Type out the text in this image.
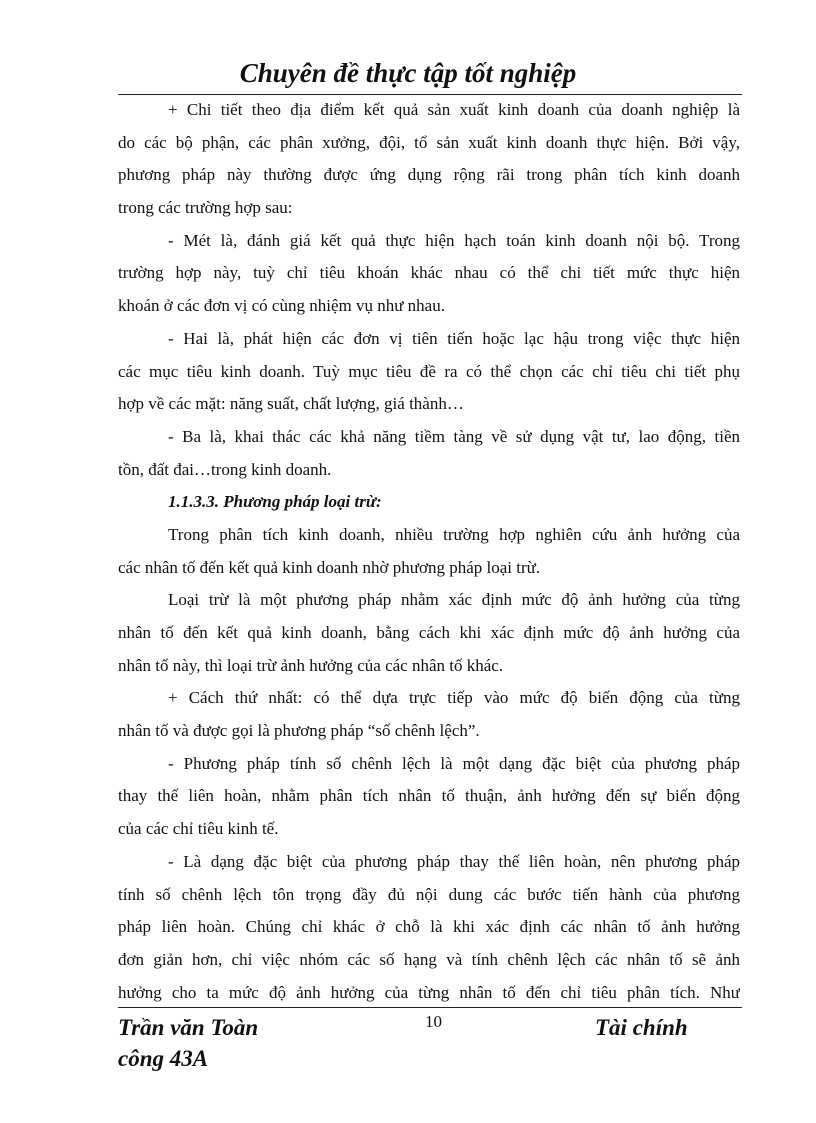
Chuyên đề thực tập tốt nghiệp
+ Chi tiết theo địa điểm kết quả sản xuất kinh doanh của doanh nghiệp là
do các bộ phận, các phân xưởng, đội, tổ sản xuất kinh doanh thực hiện. Bởi vậy,
phương pháp này thường được ứng dụng rộng rãi trong phân tích kinh doanh
trong các trường hợp sau:
- Mét là, đánh giá kết quả thực hiện hạch toán kinh doanh nội bộ. Trong
trường hợp này, tuỳ chỉ tiêu khoán khác nhau có thể chi tiết mức thực hiện
khoán ở các đơn vị có cùng nhiệm vụ như nhau.
- Hai là, phát hiện các đơn vị tiên tiến hoặc lạc hậu trong việc thực hiện
các mục tiêu kinh doanh. Tuỳ mục tiêu đề ra có thể chọn các chỉ tiêu chi tiết phụ
hợp về các mặt: năng suất, chất lượng, giá thành…
- Ba là, khai thác các khả năng tiềm tàng về sử dụng vật tư, lao động, tiền
tồn, đất đai…trong kinh doanh.
1.1.3.3. Phương pháp loại trừ:
Trong phân tích kinh doanh, nhiều trường hợp nghiên cứu ảnh hưởng của
các nhân tố đến kết quả kinh doanh nhờ phương pháp loại trừ.
Loại trừ là một phương pháp nhằm xác định mức độ ảnh hưởng của từng
nhân tố đến kết quả kinh doanh, bằng cách khi xác định mức độ ảnh hưởng của
nhân tố này, thì loại trừ ảnh hưởng của các nhân tố khác.
+ Cách thứ nhất: có thể dựa trực tiếp vào mức độ biến động của từng
nhân tố và được gọi là phương pháp “số chênh lệch”.
- Phương pháp tính số chênh lệch là một dạng đặc biệt của phương pháp
thay thế liên hoàn, nhằm phân tích nhân tố thuận, ảnh hưởng đến sự biến động
của các chỉ tiêu kinh tế.
- Là dạng đặc biệt của phương pháp thay thế liên hoàn, nên phương pháp
tính số chênh lệch tôn trọng đầy đủ nội dung các bước tiến hành của phương
pháp liên hoàn. Chúng chỉ khác ở chỗ là khi xác định các nhân tố ảnh hưởng
đơn giản hơn, chỉ việc nhóm các số hạng và tính chênh lệch các nhân tố sẽ ảnh
hưởng cho ta mức độ ảnh hưởng của từng nhân tố đến chỉ tiêu phân tích. Như
Trần văn Toàn
công 43A
10	Tài chính
